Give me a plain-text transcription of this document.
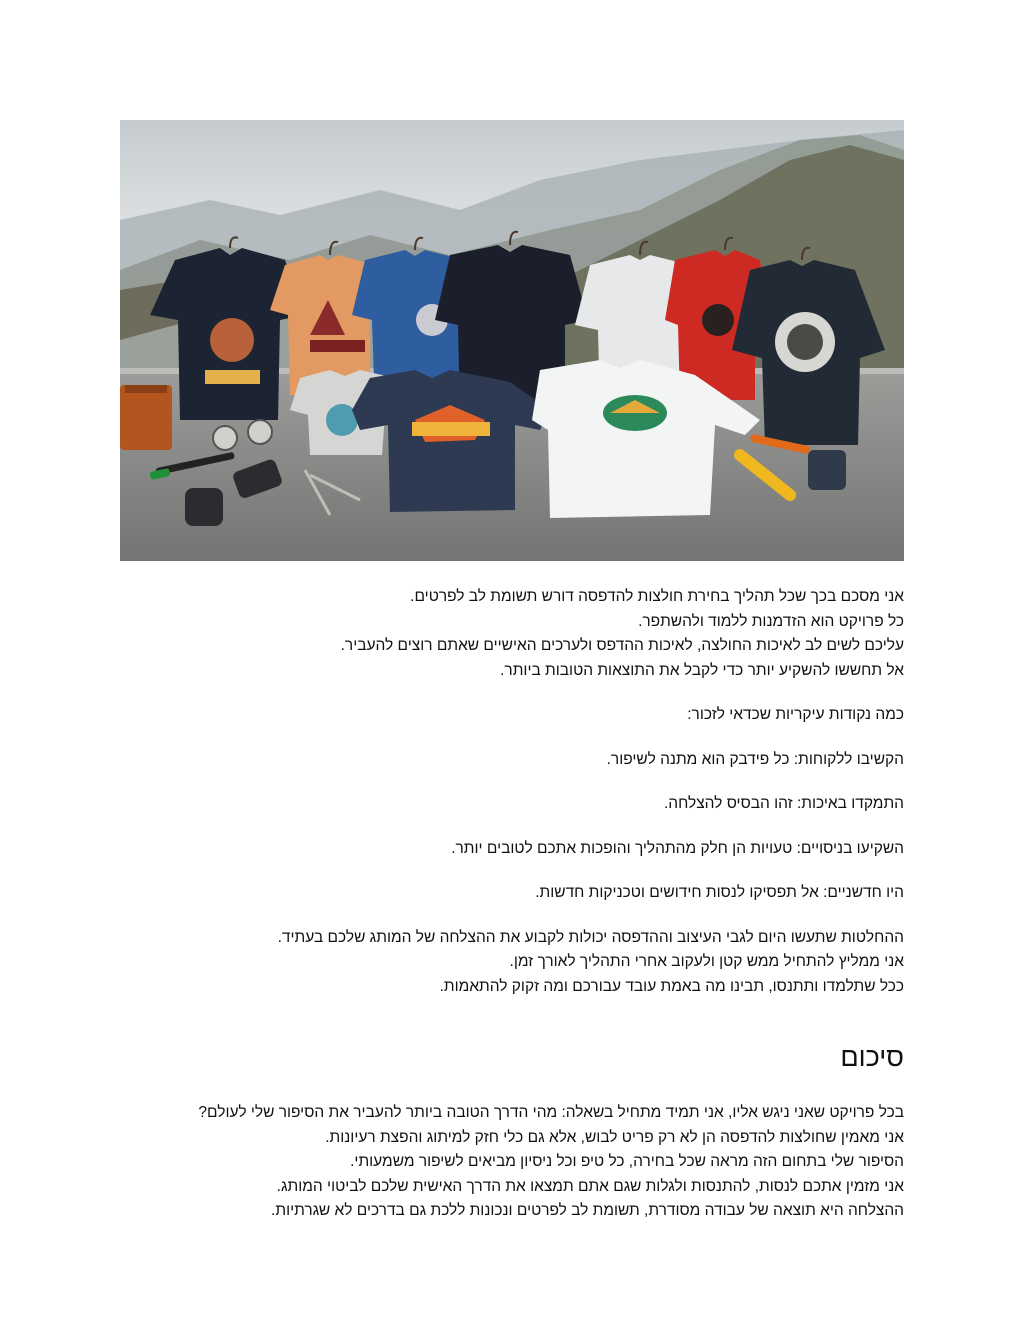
אני מסכם בכך שכל תהליך בחירת חולצות להדפסה דורש תשומת לב לפרטים.
כל פרויקט הוא הזדמנות ללמוד ולהשתפר.
עליכם לשים לב לאיכות החולצה, לאיכות ההדפס ולערכים האישיים שאתם רוצים להעביר.
אל תחששו להשקיע יותר כדי לקבל את התוצאות הטובות ביותר.
כמה נקודות עיקריות שכדאי לזכור:
הקשיבו ללקוחות: כל פידבק הוא מתנה לשיפור.
התמקדו באיכות: זהו הבסיס להצלחה.
השקיעו בניסויים: טעויות הן חלק מהתהליך והופכות אתכם לטובים יותר.
היו חדשניים: אל תפסיקו לנסות חידושים וטכניקות חדשות.
ההחלטות שתעשו היום לגבי העיצוב וההדפסה יכולות לקבוע את ההצלחה של המותג שלכם בעתיד.
אני ממליץ להתחיל ממש קטן ולעקוב אחרי התהליך לאורך זמן.
ככל שתלמדו ותתנסו, תבינו מה באמת עובד עבורכם ומה זקוק להתאמות.
סיכום
בכל פרויקט שאני ניגש אליו, אני תמיד מתחיל בשאלה: מהי הדרך הטובה ביותר להעביר את הסיפור שלי לעולם?
אני מאמין שחולצות להדפסה הן לא רק פריט לבוש, אלא גם כלי חזק למיתוג והפצת רעיונות.
הסיפור שלי בתחום הזה מראה שכל בחירה, כל טיפ וכל ניסיון מביאים לשיפור משמעותי.
אני מזמין אתכם לנסות, להתנסות ולגלות שגם אתם תמצאו את הדרך האישית שלכם לביטוי המותג.
ההצלחה היא תוצאה של עבודה מסודרת, תשומת לב לפרטים ונכונות ללכת גם בדרכים לא שגרתיות.
